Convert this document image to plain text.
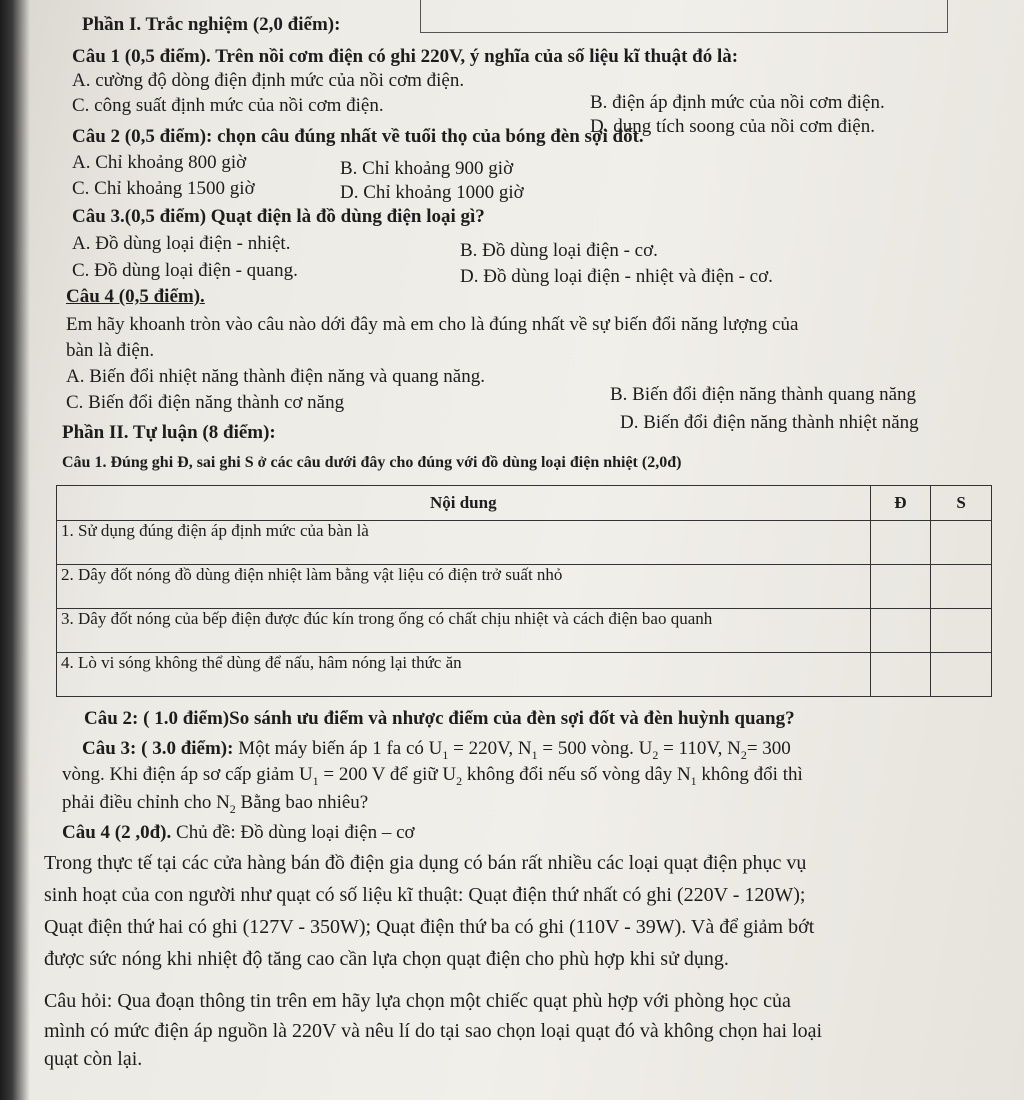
Phần I. Trắc nghiệm (2,0 điểm):
Câu 1 (0,5 điểm). Trên nồi cơm điện có ghi 220V, ý nghĩa của số liệu kĩ thuật đó là:
A. cường độ dòng điện định mức của nồi cơm điện.
B. điện áp định mức của nồi cơm điện.
C. công suất định mức của nồi cơm điện.
D. dung tích soong của nồi cơm điện.
Câu 2 (0,5 điểm): chọn câu đúng nhất về tuổi thọ của bóng đèn sợi đốt.
A. Chỉ khoảng 800 giờ	B. Chỉ khoảng 900 giờ
C. Chỉ khoảng 1500 giờ	D. Chỉ khoảng 1000 giờ
Câu 3.(0,5 điểm) Quạt điện là đồ dùng điện loại gì?
A. Đồ dùng loại điện - nhiệt.	B. Đồ dùng loại điện - cơ.
C. Đồ dùng loại điện - quang.	D. Đồ dùng loại điện - nhiệt và điện - cơ.
Câu 4 (0,5 điểm).
Em hãy khoanh tròn vào câu nào dới đây mà em cho là đúng nhất về sự biến đổi năng lượng của
bàn là điện.
A. Biến đổi nhiệt năng thành điện năng và quang năng.
B. Biến đổi điện năng thành quang năng
C. Biến đổi điện năng thành cơ năng
D. Biến đổi điện năng thành nhiệt năng
Phần II. Tự luận (8 điểm):
Câu 1. Đúng ghi Đ, sai ghi S ở các câu dưới đây cho đúng với đồ dùng loại điện nhiệt (2,0đ)
Nội dung	Đ	S
1. Sử dụng đúng điện áp định mức của bàn là		
2. Dây đốt nóng đồ dùng điện nhiệt làm bằng vật liệu có điện trở suất nhỏ		
3. Dây đốt nóng của bếp điện được đúc kín trong ống có chất chịu nhiệt và cách điện bao quanh		
4. Lò vi sóng không thể dùng để nấu, hâm nóng lại thức ăn		
Câu 2: ( 1.0 điểm)So sánh ưu điểm và nhược điểm của đèn sợi đốt và đèn huỳnh quang?
Câu 3: ( 3.0 điểm): Một máy biến áp 1 fa có $U_1 = 220V$, $N_1 = 500$ vòng. $U_2 = 110V$, $N_2= 300$
vòng. Khi điện áp sơ cấp giảm $U_1 = 200$ V để giữ $U_2$ không đổi nếu số vòng dây $N_1$ không đổi thì
phải điều chỉnh cho $N_2$ Bằng bao nhiêu?
Câu 4 (2 ,0đ). Chủ đề: Đồ dùng loại điện – cơ
Trong thực tế tại các cửa hàng bán đồ điện gia dụng có bán rất nhiều các loại quạt điện phục vụ
sinh hoạt của con người như quạt có số liệu kĩ thuật: Quạt điện thứ nhất có ghi (220V - 120W);
Quạt điện thứ hai có ghi (127V - 350W); Quạt điện thứ ba có ghi (110V - 39W). Và để giảm bớt
được sức nóng khi nhiệt độ tăng cao cần lựa chọn quạt điện cho phù hợp khi sử dụng.
Câu hỏi: Qua đoạn thông tin trên em hãy lựa chọn một chiếc quạt phù hợp với phòng học của
mình có mức điện áp nguồn là 220V và nêu lí do tại sao chọn loại quạt đó và không chọn hai loại
quạt còn lại.
